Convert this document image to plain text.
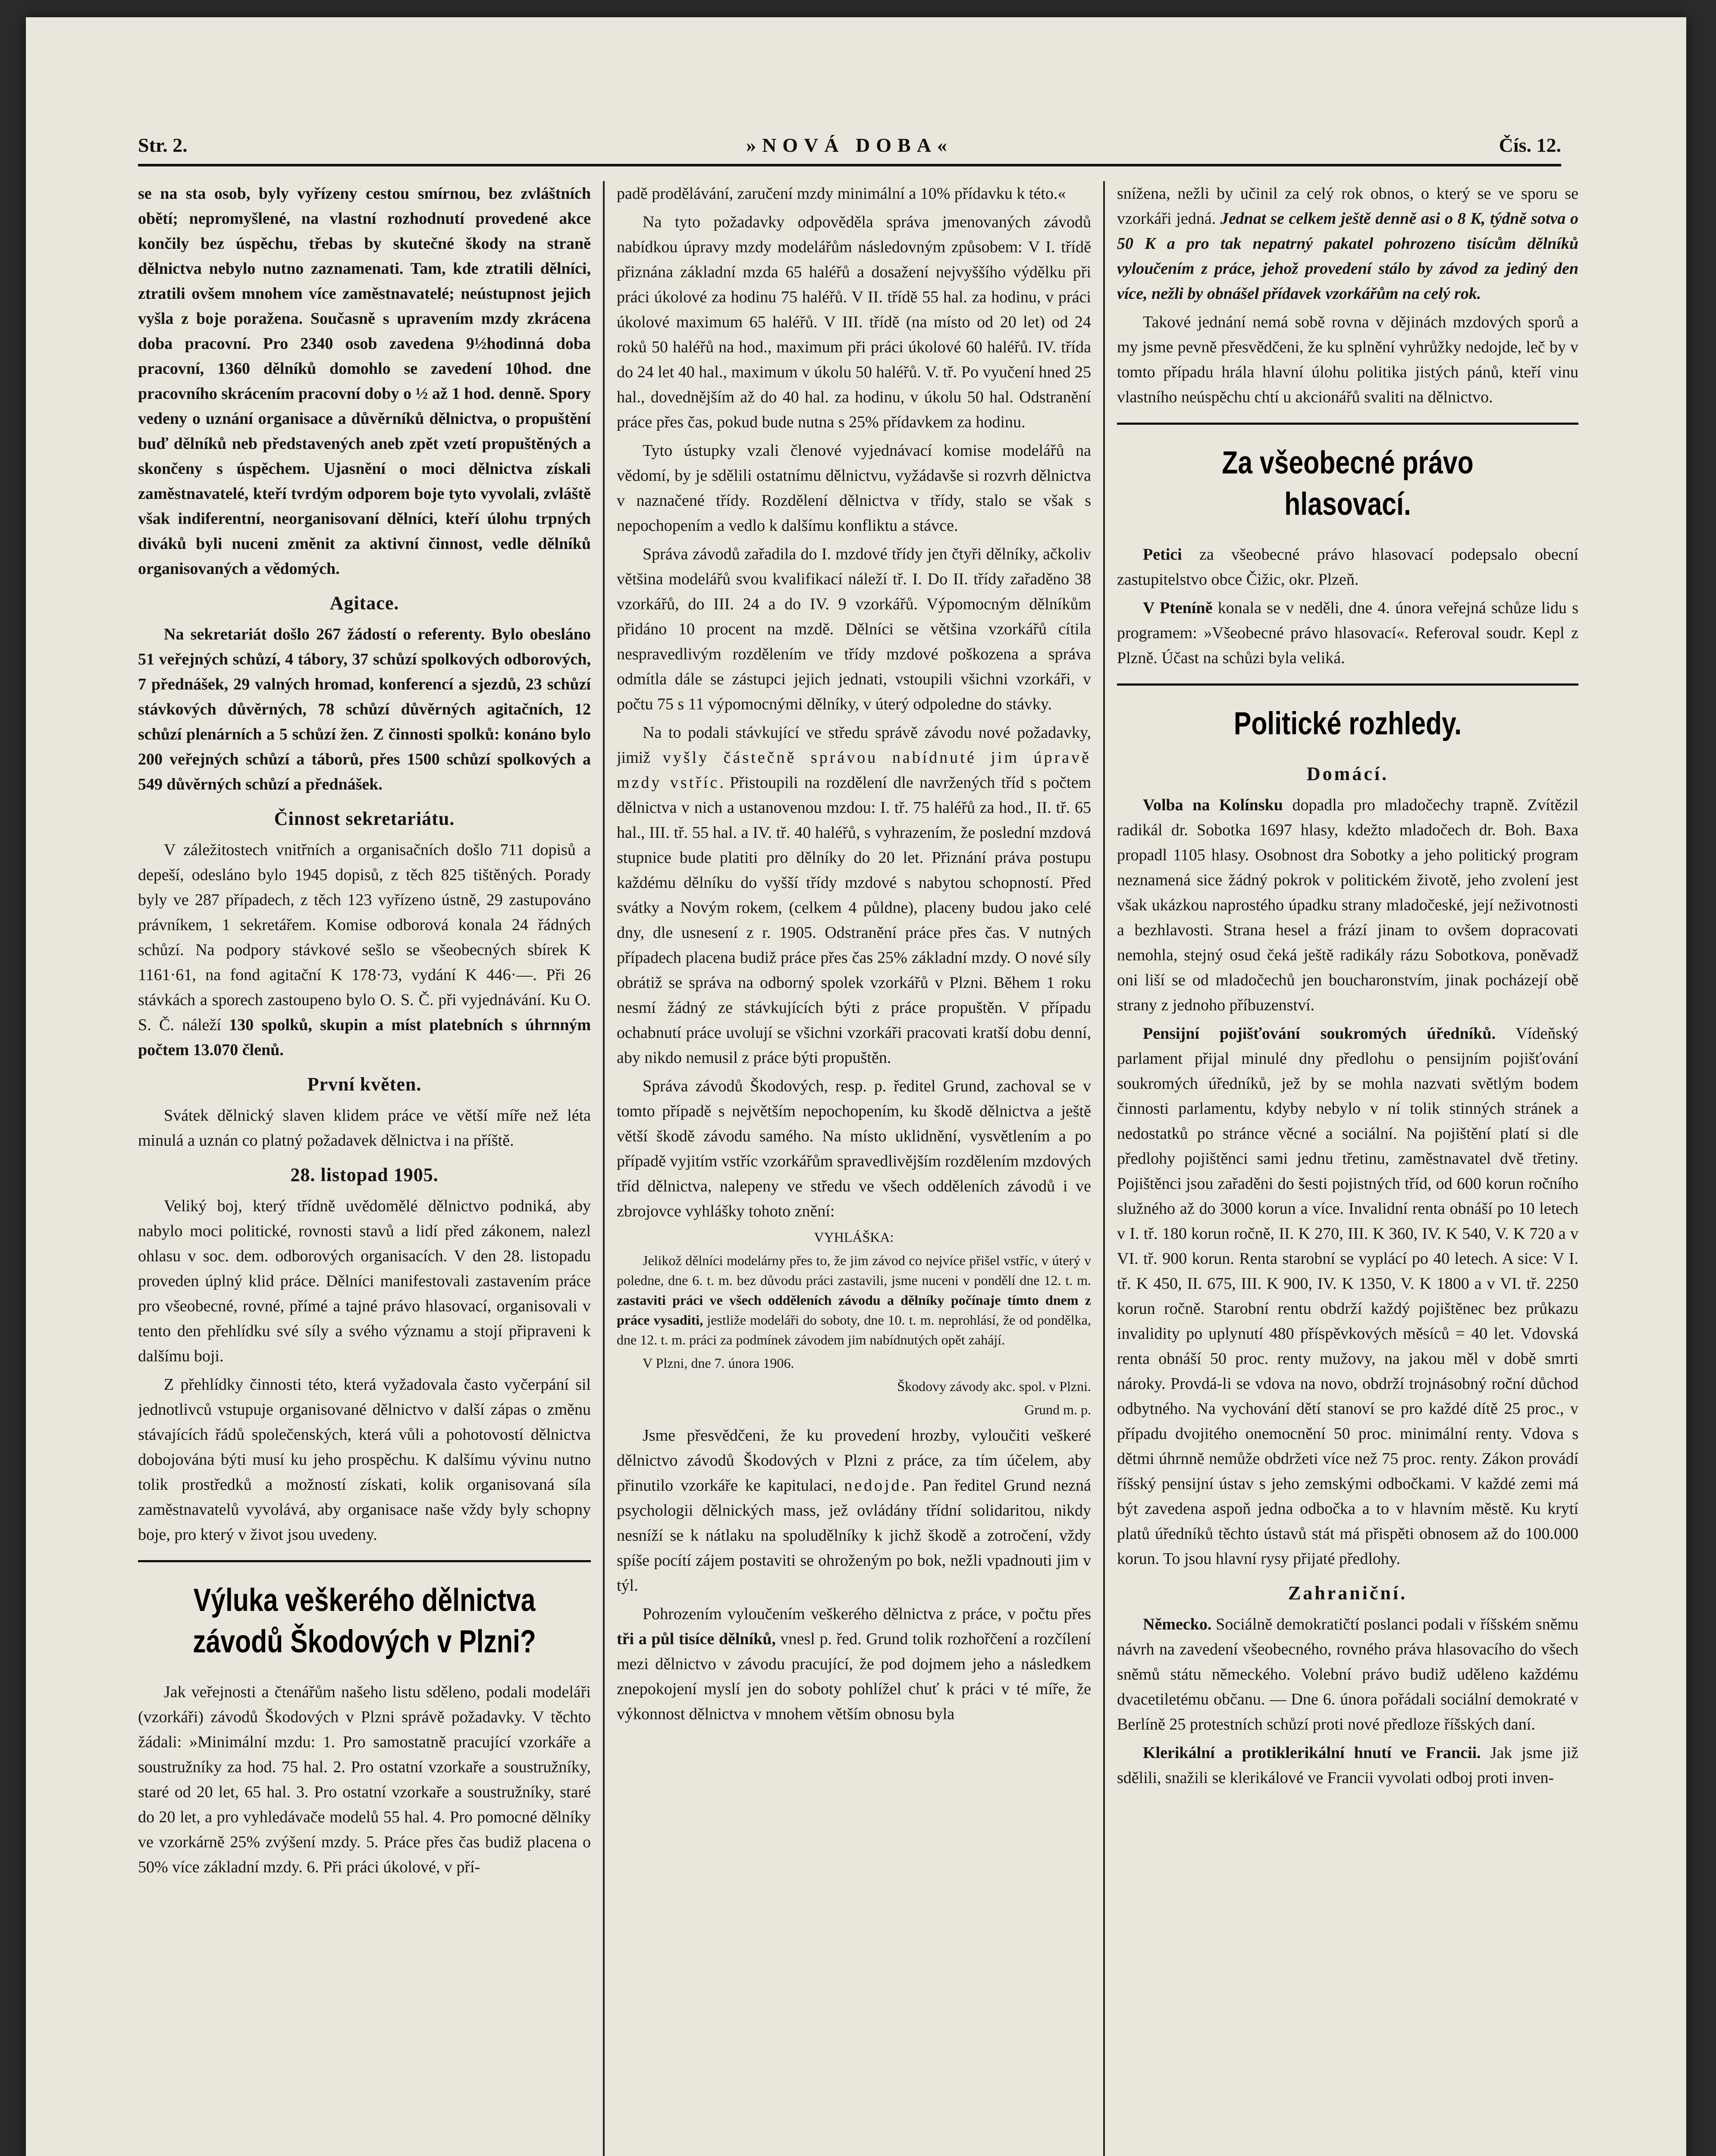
Str. 2.	»NOVÁ DOBA«	Čís. 12.

se na sta osob, byly vyřízeny cestou smírnou, bez zvláštních obětí; nepromyšlené, na vlastní rozhodnutí provedené akce končily bez úspěchu, třebas by skutečné škody na straně dělnictva nebylo nutno zaznamenati. Tam, kde ztratili dělníci, ztratili ovšem mnohem více zaměstnavatelé; neústupnost jejich vyšla z boje poražena. Současně s upravením mzdy zkrácena doba pracovní. Pro 2340 osob zavedena 9½hodinná doba pracovní, 1360 dělníků domohlo se zavedení 10hod. dne pracovního skrácením pracovní doby o ½ až 1 hod. denně. Spory vedeny o uznání organisace a důvěrníků dělnictva, o propuštění buď dělníků neb představených aneb zpět vzetí propuštěných a skončeny s úspěchem. Ujasnění o moci dělnictva získali zaměstnavatelé, kteří tvrdým odporem boje tyto vyvolali, zvláště však indiferentní, neorganisovaní dělníci, kteří úlohu trpných diváků byli nuceni změnit za aktivní činnost, vedle dělníků organisovaných a vědomých.

Agitace.

Na sekretariát došlo 267 žádostí o referenty. Bylo obesláno 51 veřejných schůzí, 4 tábory, 37 schůzí spolkových odborových, 7 přednášek, 29 valných hromad, konferencí a sjezdů, 23 schůzí stávkových důvěrných, 78 schůzí důvěrných agitačních, 12 schůzí plenárních a 5 schůzí žen. Z činnosti spolků: konáno bylo 200 veřejných schůzí a táborů, přes 1500 schůzí spolkových a 549 důvěrných schůzí a přednášek.

Činnost sekretariátu.

V záležitostech vnitřních a organisačních došlo 711 dopisů a depeší, odesláno bylo 1945 dopisů, z těch 825 tištěných. Porady byly ve 287 případech, z těch 123 vyřízeno ústně, 29 zastupováno právníkem, 1 sekretářem. Komise odborová konala 24 řádných schůzí. Na podpory stávkové sešlo se všeobecných sbírek K 1161·61, na fond agitační K 178·73, vydání K 446·—. Při 26 stávkách a sporech zastoupeno bylo O. S. Č. při vyjednávání. Ku O. S. Č. náleží 130 spolků, skupin a míst platebních s úhrnným počtem 13.070 členů.

První květen.

Svátek dělnický slaven klidem práce ve větší míře než léta minulá a uznán co platný požadavek dělnictva i na příště.

28. listopad 1905.

Veliký boj, který třídně uvědomělé dělnictvo podniká, aby nabylo moci politické, rovnosti stavů a lidí před zákonem, nalezl ohlasu v soc. dem. odborových organisacích. V den 28. listopadu proveden úplný klid práce. Dělníci manifestovali zastavením práce pro všeobecné, rovné, přímé a tajné právo hlasovací, organisovali v tento den přehlídku své síly a svého významu a stojí připraveni k dalšímu boji.

Z přehlídky činnosti této, která vyžadovala často vyčerpání sil jednotlivců vstupuje organisované dělnictvo v další zápas o změnu stávajících řádů společenských, která vůli a pohotovostí dělnictva dobojována býti musí ku jeho prospěchu. K dalšímu vývinu nutno tolik prostředků a možností získati, kolik organisovaná síla zaměstnavatelů vyvolává, aby organisace naše vždy byly schopny boje, pro který v život jsou uvedeny.

Výluka veškerého dělnictva závodů Škodových v Plzni?

Jak veřejnosti a čtenářům našeho listu sděleno, podali modeláři (vzorkáři) závodů Škodových v Plzni správě požadavky. V těchto žádali: »Minimální mzdu: 1. Pro samostatně pracující vzorkáře a soustružníky za hod. 75 hal. 2. Pro ostatní vzorkaře a soustružníky, staré od 20 let, 65 hal. 3. Pro ostatní vzorkaře a soustružníky, staré do 20 let, a pro vyhledávače modelů 55 hal. 4. Pro pomocné dělníky ve vzorkárně 25% zvýšení mzdy. 5. Práce přes čas budiž placena o 50% více základní mzdy. 6. Při práci úkolové, v pří-

padě prodělávání, zaručení mzdy minimální a 10% přídavku k této.«

Na tyto požadavky odpověděla správa jmenovaných závodů nabídkou úpravy mzdy modelářům následovným způsobem: V I. třídě přiznána základní mzda 65 haléřů a dosažení nejvyššího výdělku při práci úkolové za hodinu 75 haléřů. V II. třídě 55 hal. za hodinu, v práci úkolové maximum 65 haléřů. V III. třídě (na místo od 20 let) od 24 roků 50 haléřů na hod., maximum při práci úkolové 60 haléřů. IV. třída do 24 let 40 hal., maximum v úkolu 50 haléřů. V. tř. Po vyučení hned 25 hal., dovednějším až do 40 hal. za hodinu, v úkolu 50 hal. Odstranění práce přes čas, pokud bude nutna s 25% přídavkem za hodinu.

Tyto ústupky vzali členové vyjednávací komise modelářů na vědomí, by je sdělili ostatnímu dělnictvu, vyžádavše si rozvrh dělnictva v naznačené třídy. Rozdělení dělnictva v třídy, stalo se však s nepochopením a vedlo k dalšímu konfliktu a stávce.

Správa závodů zařadila do I. mzdové třídy jen čtyři dělníky, ačkoliv většina modelářů svou kvalifikací náleží tř. I. Do II. třídy zařaděno 38 vzorkářů, do III. 24 a do IV. 9 vzorkářů. Výpomocným dělníkům přidáno 10 procent na mzdě. Dělníci se většina vzorkářů cítila nespravedlivým rozdělením ve třídy mzdové poškozena a správa odmítla dále se zástupci jejich jednati, vstoupili všichni vzorkáři, v počtu 75 s 11 výpomocnými dělníky, v úterý odpoledne do stávky.

Na to podali stávkující ve středu správě závodu nové požadavky, jimiž vyšly částečně správou nabídnuté jim úpravě mzdy vstříc. Přistoupili na rozdělení dle navržených tříd s počtem dělnictva v nich a ustanovenou mzdou: I. tř. 75 haléřů za hod., II. tř. 65 hal., III. tř. 55 hal. a IV. tř. 40 haléřů, s vyhrazením, že poslední mzdová stupnice bude platiti pro dělníky do 20 let. Přiznání práva postupu každému dělníku do vyšší třídy mzdové s nabytou schopností. Před svátky a Novým rokem, (celkem 4 půldne), placeny budou jako celé dny, dle usnesení z r. 1905. Odstranění práce přes čas. V nutných případech placena budiž práce přes čas 25% základní mzdy. O nové síly obrátiž se správa na odborný spolek vzorkářů v Plzni. Během 1 roku nesmí žádný ze stávkujících býti z práce propuštěn. V případu ochabnutí práce uvolují se všichni vzorkáři pracovati kratší dobu denní, aby nikdo nemusil z práce býti propuštěn.

Správa závodů Škodových, resp. p. ředitel Grund, zachoval se v tomto případě s největším nepochopením, ku škodě dělnictva a ještě větší škodě závodu samého. Na místo uklidnění, vysvětlením a po případě vyjitím vstříc vzorkářům spravedlivějším rozdělením mzdových tříd dělnictva, nalepeny ve středu ve všech odděleních závodů i ve zbrojovce vyhlášky tohoto znění:

VYHLÁŠKA:

Jelikož dělníci modelárny přes to, že jim závod co nejvíce přišel vstříc, v úterý v poledne, dne 6. t. m. bez důvodu práci zastavili, jsme nuceni v pondělí dne 12. t. m. zastaviti práci ve všech odděleních závodu a dělníky počínaje tímto dnem z práce vysaditi, jestliže modeláři do soboty, dne 10. t. m. neprohlásí, že od pondělka, dne 12. t. m. práci za podmínek závodem jim nabídnutých opět zahájí.

V Plzni, dne 7. února 1906.

Škodovy závody akc. spol. v Plzni.

Grund m. p.

Jsme přesvědčeni, že ku provedení hrozby, vyloučiti veškeré dělnictvo závodů Škodových v Plzni z práce, za tím účelem, aby přinutilo vzorkáře ke kapitulaci, nedojde. Pan ředitel Grund nezná psychologii dělnických mass, jež ovládány třídní solidaritou, nikdy nesníží se k nátlaku na spoludělníky k jichž škodě a zotročení, vždy spíše pocítí zájem postaviti se ohroženým po bok, nežli vpadnouti jim v týl.

Pohrozením vyloučením veškerého dělnictva z práce, v počtu přes tři a půl tisíce dělníků, vnesl p. řed. Grund tolik rozhořčení a rozčílení mezi dělnictvo v závodu pracující, že pod dojmem jeho a následkem znepokojení myslí jen do soboty pohlížel chuť k práci v té míře, že výkonnost dělnictva v mnohem větším obnosu byla

snížena, nežli by učinil za celý rok obnos, o který se ve sporu se vzorkáři jedná. Jednat se celkem ještě denně asi o 8 K, týdně sotva o 50 K a pro tak nepatrný pakatel pohrozeno tisícům dělníků vyloučením z práce, jehož provedení stálo by závod za jediný den více, nežli by obnášel přídavek vzorkářům na celý rok.

Takové jednání nemá sobě rovna v dějinách mzdových sporů a my jsme pevně přesvědčeni, že ku splnění vyhrůžky nedojde, leč by v tomto případu hrála hlavní úlohu politika jistých pánů, kteří vinu vlastního neúspěchu chtí u akcionářů svaliti na dělnictvo.

Za všeobecné právo hlasovací.

Petici za všeobecné právo hlasovací podepsalo obecní zastupitelstvo obce Čižic, okr. Plzeň.

V Pteníně konala se v neděli, dne 4. února veřejná schůze lidu s programem: »Všeobecné právo hlasovací«. Referoval soudr. Kepl z Plzně. Účast na schůzi byla veliká.

Politické rozhledy.
Domácí.

Volba na Kolínsku dopadla pro mladočechy trapně. Zvítězil radikál dr. Sobotka 1697 hlasy, kdežto mladočech dr. Boh. Baxa propadl 1105 hlasy. Osobnost dra Sobotky a jeho politický program neznamená sice žádný pokrok v politickém životě, jeho zvolení jest však ukázkou naprostého úpadku strany mladočeské, její neživotnosti a bezhlavosti. Strana hesel a frází jinam to ovšem dopracovati nemohla, stejný osud čeká ještě radikály rázu Sobotkova, poněvadž oni liší se od mladočechů jen boucharonstvím, jinak pocházejí obě strany z jednoho příbuzenství.

Pensijní pojišťování soukromých úředníků. Vídeňský parlament přijal minulé dny předlohu o pensijním pojišťování soukromých úředníků, jež by se mohla nazvati světlým bodem činnosti parlamentu, kdyby nebylo v ní tolik stinných stránek a nedostatků po stránce věcné a sociální. Na pojištění platí si dle předlohy pojištěnci sami jednu třetinu, zaměstnavatel dvě třetiny. Pojištěnci jsou zařaděni do šesti pojistných tříd, od 600 korun ročního služného až do 3000 korun a více. Invalidní renta obnáší po 10 letech v I. tř. 180 korun ročně, II. K 270, III. K 360, IV. K 540, V. K 720 a v VI. tř. 900 korun. Renta starobní se vyplácí po 40 letech. A sice: V I. tř. K 450, II. 675, III. K 900, IV. K 1350, V. K 1800 a v VI. tř. 2250 korun ročně. Starobní rentu obdrží každý pojištěnec bez průkazu invalidity po uplynutí 480 příspěvkových měsíců = 40 let. Vdovská renta obnáší 50 proc. renty mužovy, na jakou měl v době smrti nároky. Provdá-li se vdova na novo, obdrží trojnásobný roční důchod odbytného. Na vychování dětí stanoví se pro každé dítě 25 proc., v případu dvojitého onemocnění 50 proc. minimální renty. Vdova s dětmi úhrnně nemůže obdržeti více než 75 proc. renty. Zákon provádí říšský pensijní ústav s jeho zemskými odbočkami. V každé zemi má být zavedena aspoň jedna odbočka a to v hlavním městě. Ku krytí platů úředníků těchto ústavů stát má přispěti obnosem až do 100.000 korun. To jsou hlavní rysy přijaté předlohy.

Zahraniční.

Německo. Sociálně demokratičtí poslanci podali v říšském sněmu návrh na zavedení všeobecného, rovného práva hlasovacího do všech sněmů státu německého. Volební právo budiž uděleno každému dvacetiletému občanu. — Dne 6. února pořádali sociální demokraté v Berlíně 25 protestních schůzí proti nové předloze říšských daní.

Klerikální a protiklerikální hnutí ve Francii. Jak jsme již sdělili, snažili se klerikálové ve Francii vyvolati odboj proti inven-
